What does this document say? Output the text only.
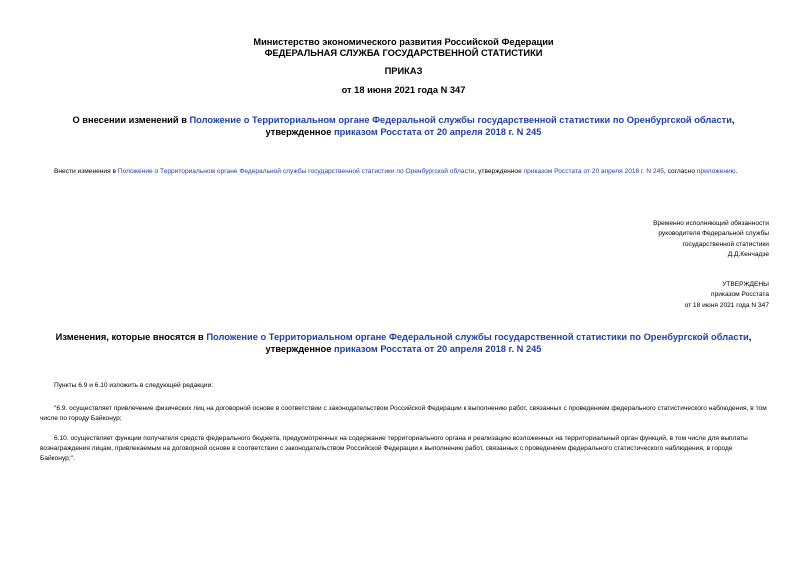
Министерство экономического развития Российской Федерации
ФЕДЕРАЛЬНАЯ СЛУЖБА ГОСУДАРСТВЕННОЙ СТАТИСТИКИ
ПРИКАЗ
от 18 июня 2021 года N 347
О внесении изменений в Положение о Территориальном органе Федеральной службы государственной статистики по Оренбургской области, утвержденное приказом Росстата от 20 апреля 2018 г. N 245
Внести изменения в Положение о Территориальном органе Федеральной службы государственной статистики по Оренбургской области, утвержденное приказом Росстата от 20 апреля 2018 г. N 245, согласно приложению.
Временно исполняющий обязанности
руководителя Федеральной службы
государственной статистики
Д.Д.Кенчадзе
УТВЕРЖДЕНЫ
приказом Росстата
от 18 июня 2021 года N 347
Изменения, которые вносятся в Положение о Территориальном органе Федеральной службы государственной статистики по Оренбургской области, утвержденное приказом Росстата от 20 апреля 2018 г. N 245
Пункты 6.9 и 6.10 изложить в следующей редакции:
"6.9. осуществляет привлечение физических лиц на договорной основе в соответствии с законодательством Российской Федерации к выполнению работ, связанных с проведением федерального статистического наблюдения, в том числе по городу Байконур;
6.10. осуществляет функции получателя средств федерального бюджета, предусмотренных на содержание территориального органа и реализацию возложенных на территориальный орган функций, в том числе для выплаты вознаграждения лицам, привлекаемым на договорной основе в соответствии с законодательством Российской Федерации к выполнению работ, связанных с проведением федерального статистического наблюдения, в городе Байконур;".
